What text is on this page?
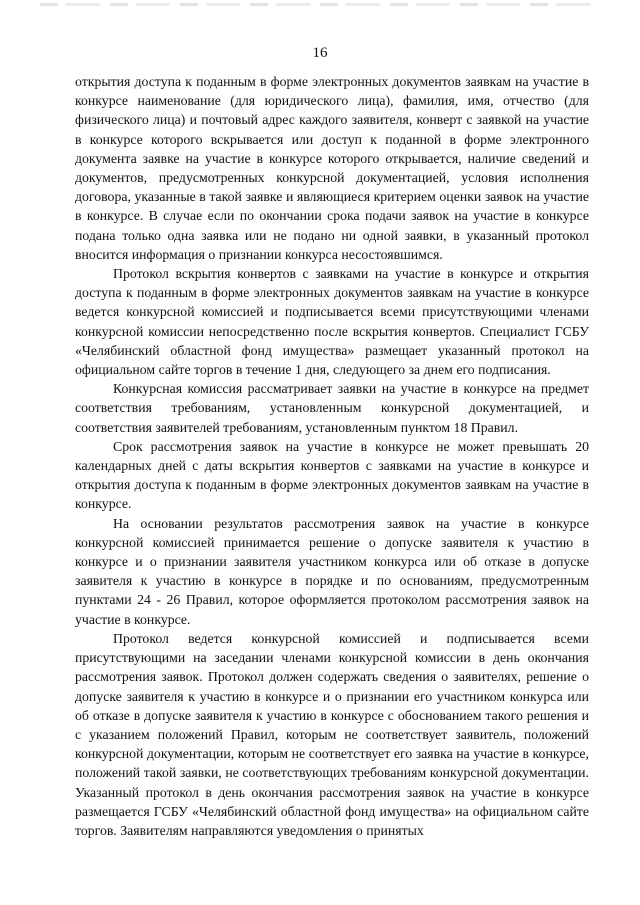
16

открытия доступа к поданным в форме электронных документов заявкам на участие в конкурсе наименование (для юридического лица), фамилия, имя, отчество (для физического лица) и почтовый адрес каждого заявителя, конверт с заявкой на участие в конкурсе которого вскрывается или доступ к поданной в форме электронного документа заявке на участие в конкурсе которого открывается, наличие сведений и документов, предусмотренных конкурсной документацией, условия исполнения договора, указанные в такой заявке и являющиеся критерием оценки заявок на участие в конкурсе. В случае если по окончании срока подачи заявок на участие в конкурсе подана только одна заявка или не подано ни одной заявки, в указанный протокол вносится информация о признании конкурса несостоявшимся.

Протокол вскрытия конвертов с заявками на участие в конкурсе и открытия доступа к поданным в форме электронных документов заявкам на участие в конкурсе ведется конкурсной комиссией и подписывается всеми присутствующими членами конкурсной комиссии непосредственно после вскрытия конвертов. Специалист ГСБУ «Челябинский областной фонд имущества» размещает указанный протокол на официальном сайте торгов в течение 1 дня, следующего за днем его подписания.

Конкурсная комиссия рассматривает заявки на участие в конкурсе на предмет соответствия требованиям, установленным конкурсной документацией, и соответствия заявителей требованиям, установленным пунктом 18 Правил.

Срок рассмотрения заявок на участие в конкурсе не может превышать 20 календарных дней с даты вскрытия конвертов с заявками на участие в конкурсе и открытия доступа к поданным в форме электронных документов заявкам на участие в конкурсе.

На основании результатов рассмотрения заявок на участие в конкурсе конкурсной комиссией принимается решение о допуске заявителя к участию в конкурсе и о признании заявителя участником конкурса или об отказе в допуске заявителя к участию в конкурсе в порядке и по основаниям, предусмотренным пунктами 24 - 26 Правил, которое оформляется протоколом рассмотрения заявок на участие в конкурсе.

Протокол ведется конкурсной комиссией и подписывается всеми присутствующими на заседании членами конкурсной комиссии в день окончания рассмотрения заявок. Протокол должен содержать сведения о заявителях, решение о допуске заявителя к участию в конкурсе и о признании его участником конкурса или об отказе в допуске заявителя к участию в конкурсе с обоснованием такого решения и с указанием положений Правил, которым не соответствует заявитель, положений конкурсной документации, которым не соответствует его заявка на участие в конкурсе, положений такой заявки, не соответствующих требованиям конкурсной документации. Указанный протокол в день окончания рассмотрения заявок на участие в конкурсе размещается ГСБУ «Челябинский областной фонд имущества» на официальном сайте торгов. Заявителям направляются уведомления о принятых
